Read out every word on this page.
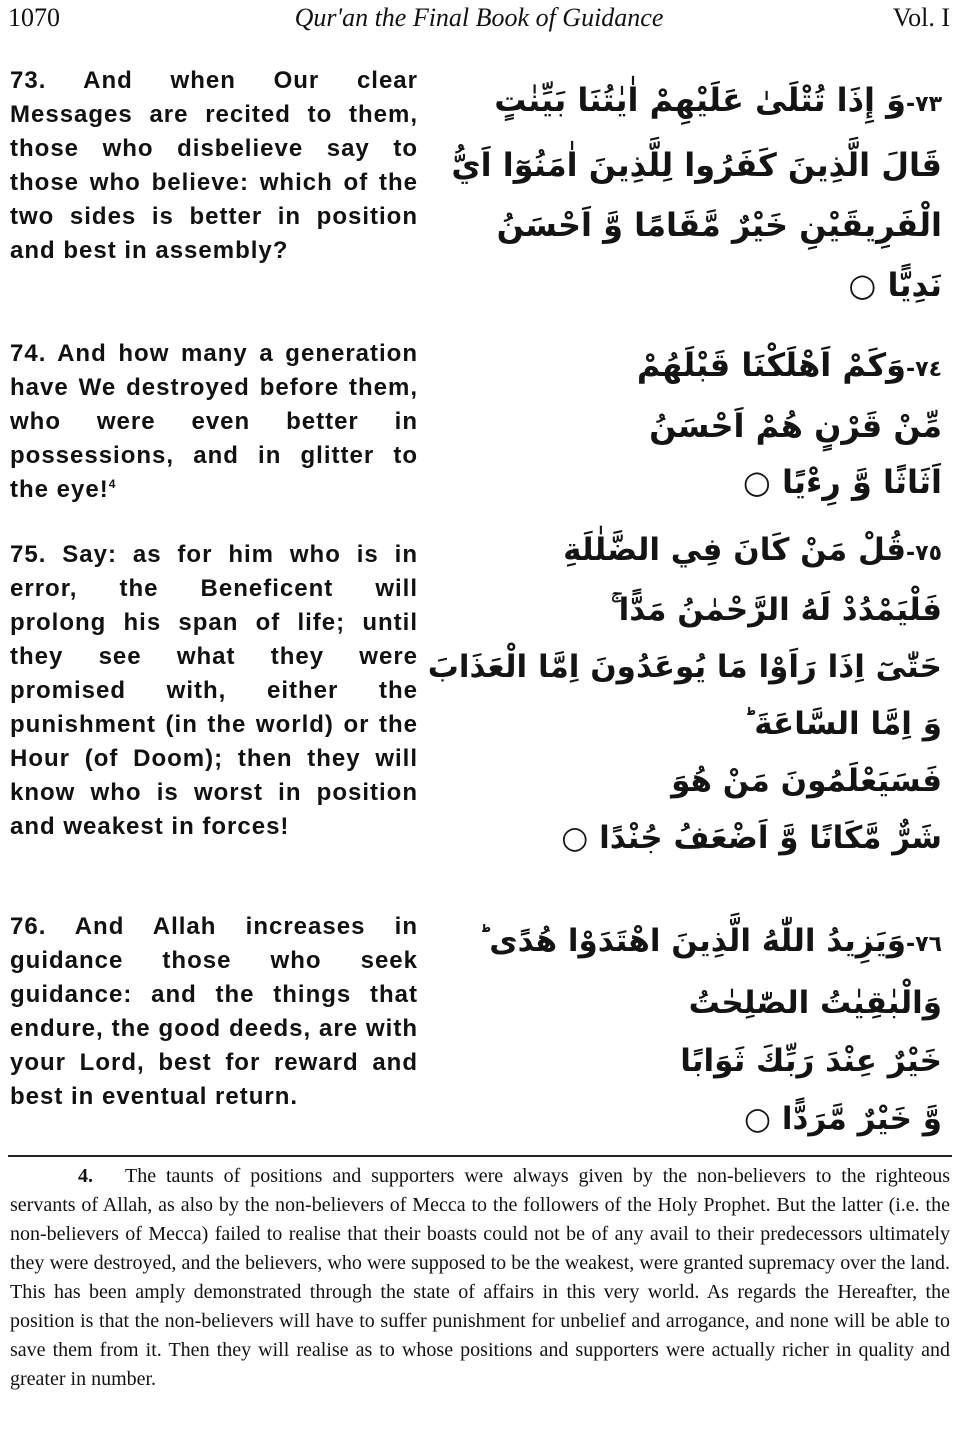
1070	Qur'an the Final Book of Guidance	Vol. I
73. And when Our clear Messages are recited to them, those who disbelieve say to those who believe: which of the two sides is better in position and best in assembly?
٧٣-وَ إِذَا تُتْلَىٰ عَلَيْهِمْ اٰيٰتُنَا بَيِّنٰتٍ
قَالَ الَّذِينَ كَفَرُوا لِلَّذِينَ اٰمَنُوٓا اَيُّ
الْفَرِيقَيْنِ خَيْرٌ مَّقَامًا وَّ اَحْسَنُ
نَدِيًّا ○
74. And how many a generation have We destroyed before them, who were even better in possessions, and in glitter to the eye!$^4$
٧٤-وَكَمْ اَهْلَكْنَا قَبْلَهُمْ
مِّنْ قَرْنٍ هُمْ اَحْسَنُ
اَثَاثًا وَّ رِءْيًا ○
75. Say: as for him who is in error, the Beneficent will prolong his span of life; until they see what they were promised with, either the punishment (in the world) or the Hour (of Doom); then they will know who is worst in position and weakest in forces!
٧٥-قُلْ مَنْ كَانَ فِي الضَّلٰلَةِ
فَلْيَمْدُدْ لَهُ الرَّحْمٰنُ مَدًّا ۚ
حَتّٰىٓ اِذَا رَاَوْا مَا يُوعَدُونَ اِمَّا الْعَذَابَ
وَ اِمَّا السَّاعَةَ ؕ
فَسَيَعْلَمُونَ مَنْ هُوَ
شَرٌّ مَّكَانًا وَّ اَضْعَفُ جُنْدًا ○
76. And Allah increases in guidance those who seek guidance: and the things that endure, the good deeds, are with your Lord, best for reward and best in eventual return.
٧٦-وَيَزِيدُ اللّٰهُ الَّذِينَ اهْتَدَوْا هُدًى ؕ
وَالْبٰقِيٰتُ الصّٰلِحٰتُ
خَيْرٌ عِنْدَ رَبِّكَ ثَوَابًا
وَّ خَيْرٌ مَّرَدًّا ○
4. The taunts of positions and supporters were always given by the non-believers to the righteous servants of Allah, as also by the non-believers of Mecca to the followers of the Holy Prophet. But the latter (i.e. the non-believers of Mecca) failed to realise that their boasts could not be of any avail to their predecessors ultimately they were destroyed, and the believers, who were supposed to be the weakest, were granted supremacy over the land. This has been amply demonstrated through the state of affairs in this very world. As regards the Hereafter, the position is that the non-believers will have to suffer punishment for unbelief and arrogance, and none will be able to save them from it. Then they will realise as to whose positions and supporters were actually richer in quality and greater in number.
